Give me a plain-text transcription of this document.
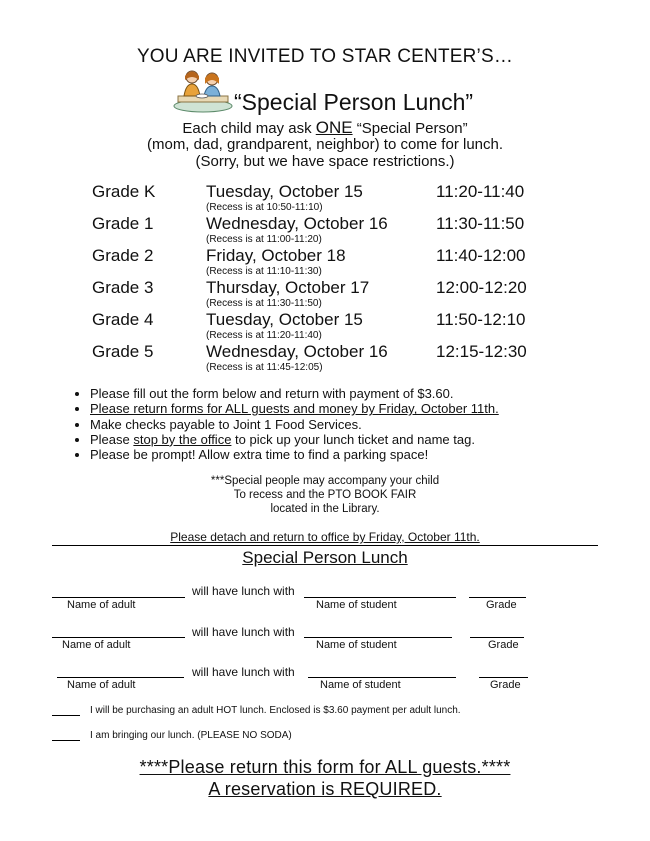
YOU ARE INVITED TO STAR CENTER’S…
“Special Person Lunch”
Each child may ask ONE “Special Person”
(mom, dad, grandparent, neighbor) to come for lunch.
(Sorry, but we have space restrictions.)
Grade K	Tuesday, October 15	11:20-11:40
(Recess is at 10:50-11:10)
Grade 1	Wednesday, October 16	11:30-11:50
(Recess is at 11:00-11:20)
Grade 2	Friday, October 18	11:40-12:00
(Recess is at 11:10-11:30)
Grade 3	Thursday, October 17	12:00-12:20
(Recess is at 11:30-11:50)
Grade 4	Tuesday, October 15	11:50-12:10
(Recess is at 11:20-11:40)
Grade 5	Wednesday, October 16	12:15-12:30
(Recess is at 11:45-12:05)
• Please fill out the form below and return with payment of $3.60.
• Please return forms for ALL guests and money by Friday, October 11th.
• Make checks payable to Joint 1 Food Services.
• Please stop by the office to pick up your lunch ticket and name tag.
• Please be prompt! Allow extra time to find a parking space!
***Special people may accompany your child
To recess and the PTO BOOK FAIR
located in the Library.
Please detach and return to office by Friday, October 11th.
Special Person Lunch
will have lunch with
Name of adult	Name of student	Grade
will have lunch with
Name of adult	Name of student	Grade
will have lunch with
Name of adult	Name of student	Grade
I will be purchasing an adult HOT lunch. Enclosed is $3.60 payment per adult lunch.
I am bringing our lunch. (PLEASE NO SODA)
****Please return this form for ALL guests.****
A reservation is REQUIRED.
